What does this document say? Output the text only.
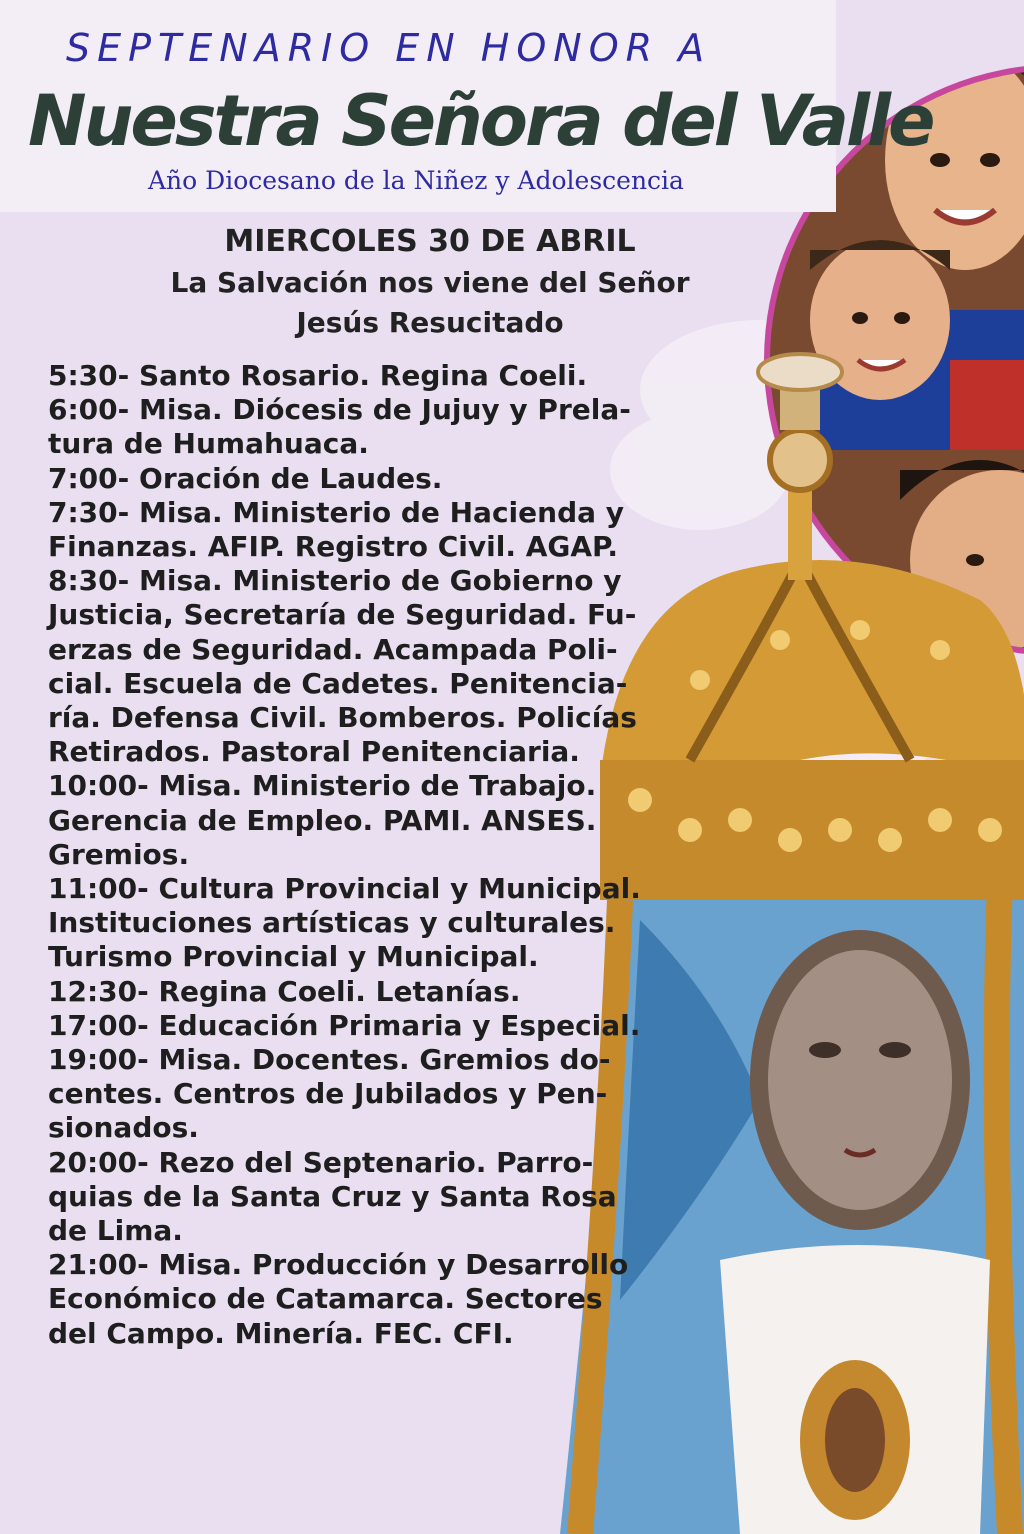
SEPTENARIO EN HONOR A
Nuestra Señora del Valle
Año Diocesano de la Niñez y Adolescencia
MIERCOLES 30 DE ABRIL
La Salvación nos viene del Señor
Jesús Resucitado
5:30- Santo Rosario. Regina Coeli.
6:00- Misa. Diócesis de Jujuy y Prela-
tura de Humahuaca.
7:00- Oración de Laudes.
7:30- Misa. Ministerio de Hacienda y
Finanzas. AFIP. Registro Civil. AGAP.
8:30- Misa. Ministerio de Gobierno y
Justicia, Secretaría de Seguridad. Fu-
erzas de Seguridad. Acampada Poli-
cial. Escuela de Cadetes. Penitencia-
ría. Defensa Civil. Bomberos. Policías
Retirados. Pastoral Penitenciaria.
10:00- Misa. Ministerio de Trabajo.
Gerencia de Empleo. PAMI. ANSES.
Gremios.
11:00- Cultura Provincial y Municipal.
Instituciones artísticas y culturales.
Turismo Provincial y Municipal.
12:30- Regina Coeli. Letanías.
17:00- Educación Primaria y Especial.
19:00- Misa. Docentes. Gremios do-
centes. Centros de Jubilados y Pen-
sionados.
20:00- Rezo del Septenario. Parro-
quias de la Santa Cruz y Santa Rosa
de Lima.
21:00- Misa. Producción y Desarrollo
Económico de Catamarca. Sectores
del Campo. Minería. FEC. CFI.
